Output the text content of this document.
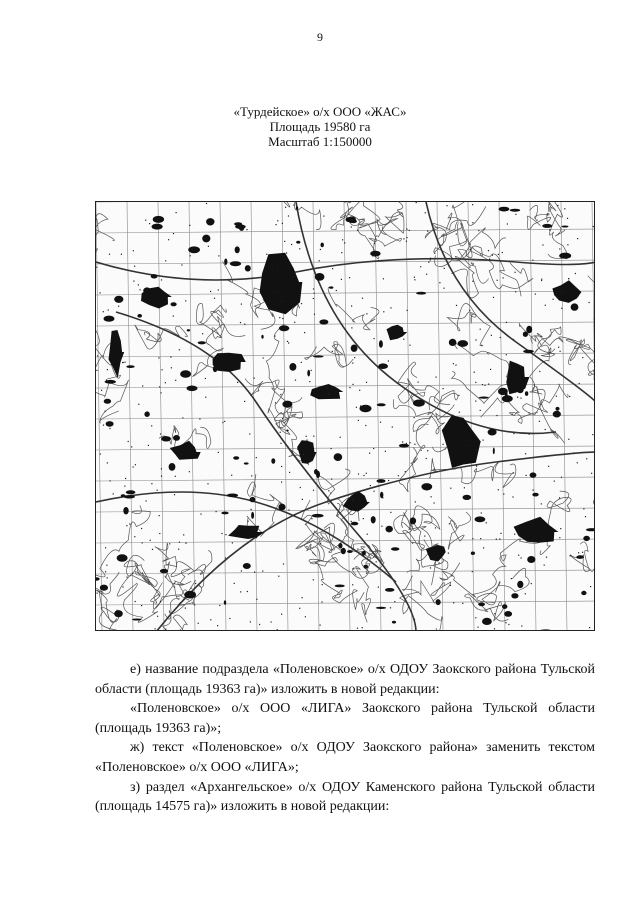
9
«Турдейское» о/х ООО «ЖАС»
Площадь 19580 га
Масштаб 1:150000

е) название подраздела «Поленовское» о/х ОДОУ Заокского района Тульской области (площадь 19363 га)» изложить в новой редакции:

«Поленовское» о/х ООО «ЛИГА» Заокского района Тульской области (площадь 19363 га)»;

ж) текст «Поленовское» о/х ОДОУ Заокского района» заменить текстом «Поленовское» о/х ООО «ЛИГА»;

з) раздел «Архангельское» о/х ОДОУ Каменского района Тульской области (площадь 14575 га)» изложить в новой редакции:
